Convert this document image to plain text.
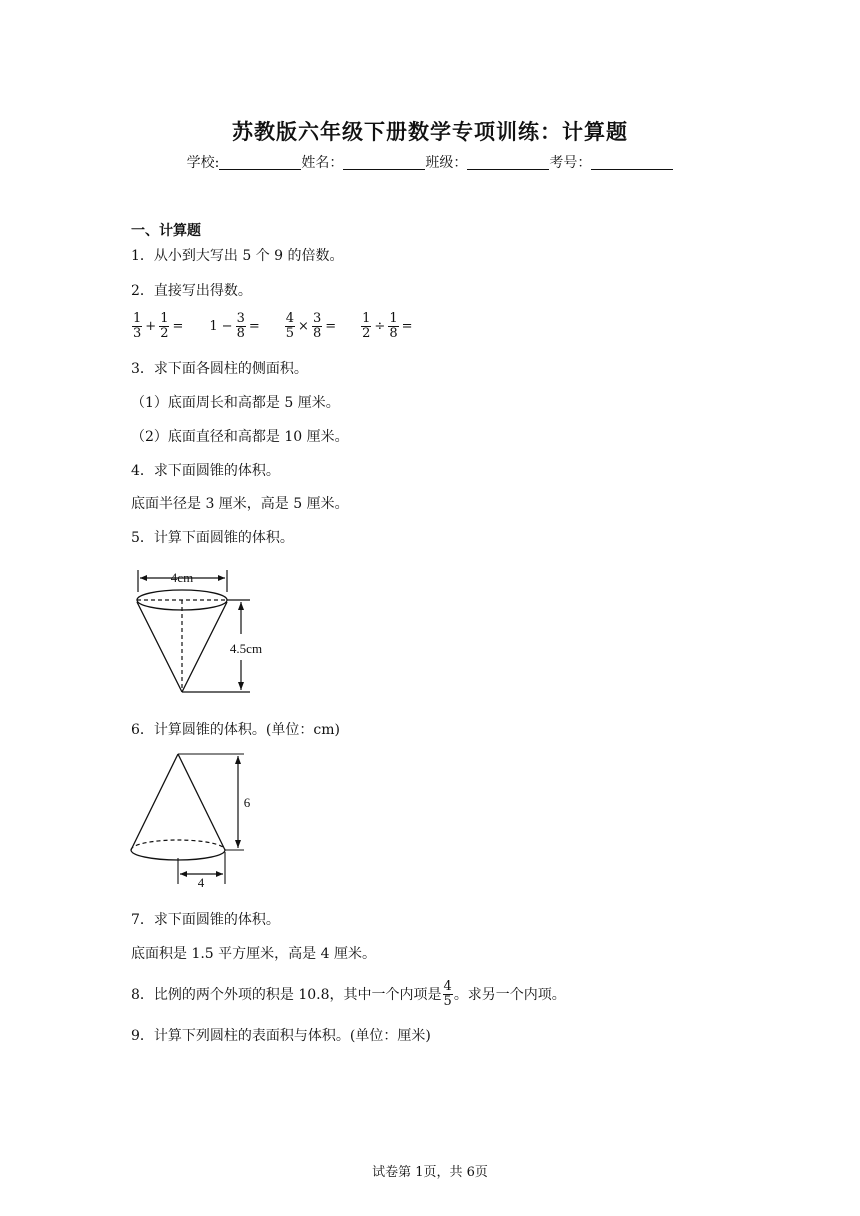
苏教版六年级下册数学专项训练：计算题
学校:	姓名：	班级：	考号：
一、计算题
1．从小到大写出 5 个 9 的倍数。
2．直接写出得数。
$\frac{1}{3} + \frac{1}{2} = 1 - \frac{3}{8} = \frac{4}{5} \times \frac{3}{8} = \frac{1}{2} \div \frac{1}{8}$ =
3．求下面各圆柱的侧面积。
（1）底面周长和高都是 5 厘米。
（2）底面直径和高都是 10 厘米。
4．求下面圆锥的体积。
底面半径是 3 厘米，高是 5 厘米。
5．计算下面圆锥的体积。
4cm
4.5cm
6．计算圆锥的体积。(单位：cm)
6
4
7．求下面圆锥的体积。
底面积是 1.5 平方厘米，高是 4 厘米。
8．比例的两个外项的积是 10.8，其中一个内项是 $\frac{4}{5}$ 。求另一个内项。
9．计算下列圆柱的表面积与体积。(单位：厘米)
试卷第 1页，共 6页
